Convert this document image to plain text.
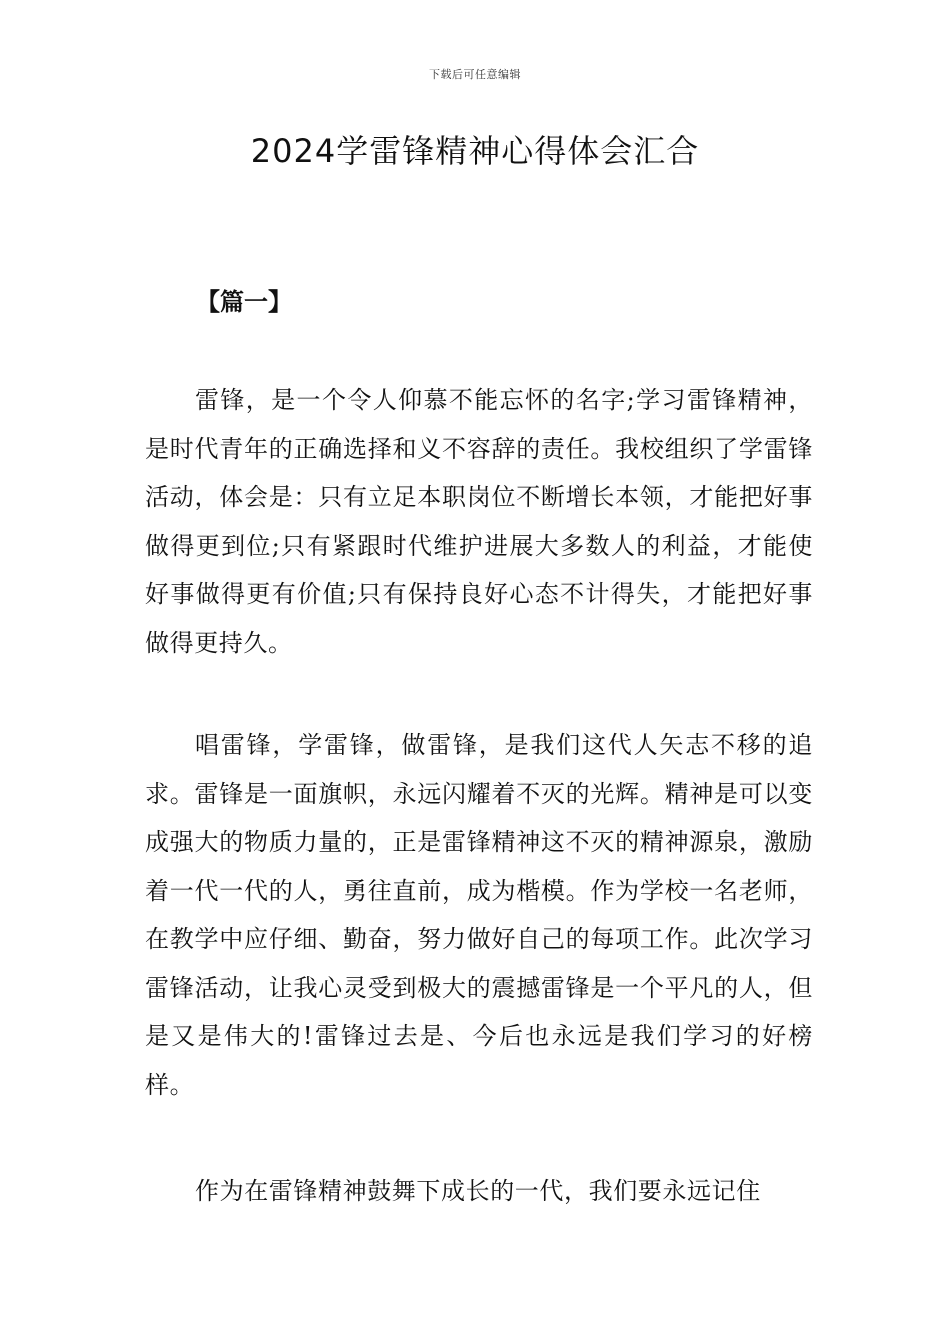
下载后可任意编辑
2024学雷锋精神心得体会汇合
【篇一】

雷锋，是一个令人仰慕不能忘怀的名字;学习雷锋精神，是时代青年的正确选择和义不容辞的责任。我校组织了学雷锋活动，体会是：只有立足本职岗位不断增长本领，才能把好事做得更到位;只有紧跟时代维护进展大多数人的利益，才能使好事做得更有价值;只有保持良好心态不计得失，才能把好事做得更持久。

唱雷锋，学雷锋，做雷锋，是我们这代人矢志不移的追求。雷锋是一面旗帜，永远闪耀着不灭的光辉。精神是可以变成强大的物质力量的，正是雷锋精神这不灭的精神源泉，激励着一代一代的人，勇往直前，成为楷模。作为学校一名老师，在教学中应仔细、勤奋，努力做好自己的每项工作。此次学习雷锋活动，让我心灵受到极大的震撼雷锋是一个平凡的人，但是又是伟大的!雷锋过去是、今后也永远是我们学习的好榜样。

作为在雷锋精神鼓舞下成长的一代，我们要永远记住
